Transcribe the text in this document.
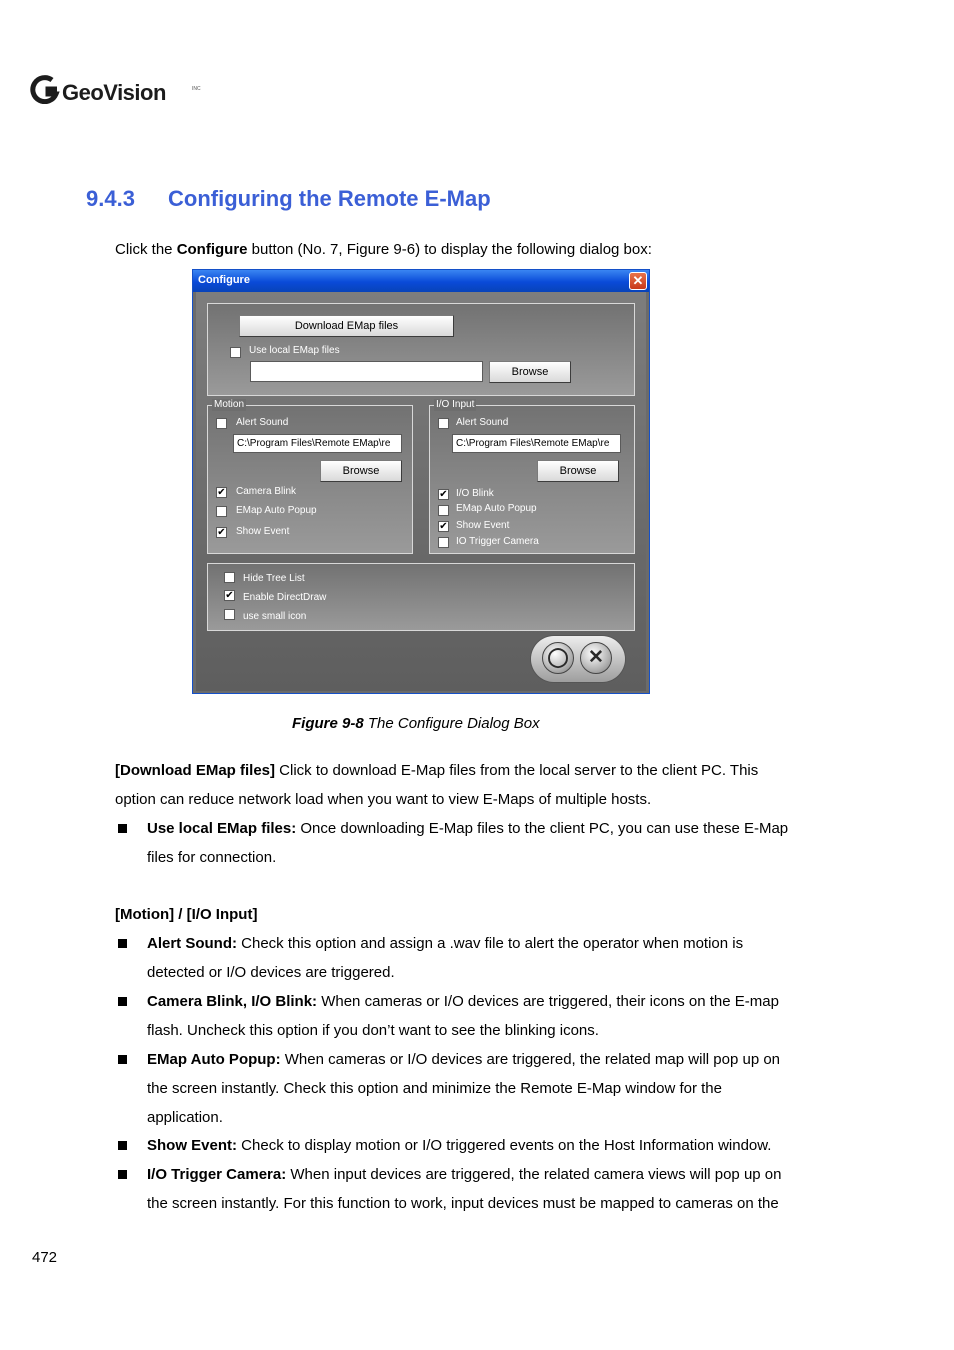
GeoVision	INC
9.4.3 Configuring the Remote E-Map
Click the Configure button (No. 7, Figure 9-6) to display the following dialog box:
Configure	✕
Download EMap files
Use local EMap files
Browse
Motion
Alert Sound
C:\Program Files\Remote EMap\re
Browse
✔ Camera Blink
EMap Auto Popup
✔ Show Event
I/O Input
Alert Sound
C:\Program Files\Remote EMap\re
Browse
✔ I/O Blink
EMap Auto Popup
✔ Show Event
IO Trigger Camera
Hide Tree List
✔ Enable DirectDraw
use small icon
◯	✕
Figure 9-8 The Configure Dialog Box
[Download EMap files] Click to download E-Map files from the local server to the client PC. This
option can reduce network load when you want to view E-Maps of multiple hosts.
Use local EMap files: Once downloading E-Map files to the client PC, you can use these E-Map
files for connection.
[Motion] / [I/O Input]
Alert Sound: Check this option and assign a .wav file to alert the operator when motion is
detected or I/O devices are triggered.
Camera Blink, I/O Blink: When cameras or I/O devices are triggered, their icons on the E-map
flash. Uncheck this option if you don’t want to see the blinking icons.
EMap Auto Popup: When cameras or I/O devices are triggered, the related map will pop up on
the screen instantly. Check this option and minimize the Remote E-Map window for the
application.
Show Event: Check to display motion or I/O triggered events on the Host Information window.
I/O Trigger Camera: When input devices are triggered, the related camera views will pop up on
the screen instantly. For this function to work, input devices must be mapped to cameras on the
472
